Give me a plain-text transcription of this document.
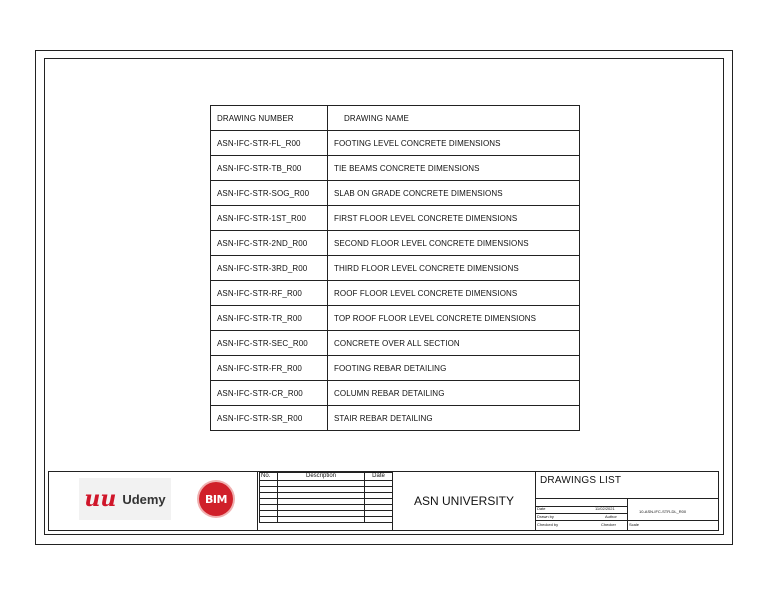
DRAWING NUMBER	DRAWING NAME
ASN-IFC-STR-FL_R00	FOOTING LEVEL CONCRETE DIMENSIONS
ASN-IFC-STR-TB_R00	TIE BEAMS CONCRETE DIMENSIONS
ASN-IFC-STR-SOG_R00	SLAB ON GRADE CONCRETE DIMENSIONS
ASN-IFC-STR-1ST_R00	FIRST FLOOR LEVEL CONCRETE DIMENSIONS
ASN-IFC-STR-2ND_R00	SECOND FLOOR LEVEL CONCRETE DIMENSIONS
ASN-IFC-STR-3RD_R00	THIRD FLOOR LEVEL CONCRETE DIMENSIONS
ASN-IFC-STR-RF_R00	ROOF FLOOR LEVEL CONCRETE DIMENSIONS
ASN-IFC-STR-TR_R00	TOP ROOF FLOOR LEVEL CONCRETE DIMENSIONS
ASN-IFC-STR-SEC_R00	CONCRETE OVER ALL SECTION
ASN-IFC-STR-FR_R00	FOOTING REBAR DETAILING
ASN-IFC-STR-CR_R00	COLUMN REBAR DETAILING
ASN-IFC-STR-SR_R00	STAIR REBAR DETAILING
uu Udemy	BIM
No.	Description	Date

ASN UNIVERSITY
DRAWINGS LIST
Date	11/02/2021
Drawn by	Author
Checked by	Checker
10-ASN-IFC-STR-DL_R00
Scale
